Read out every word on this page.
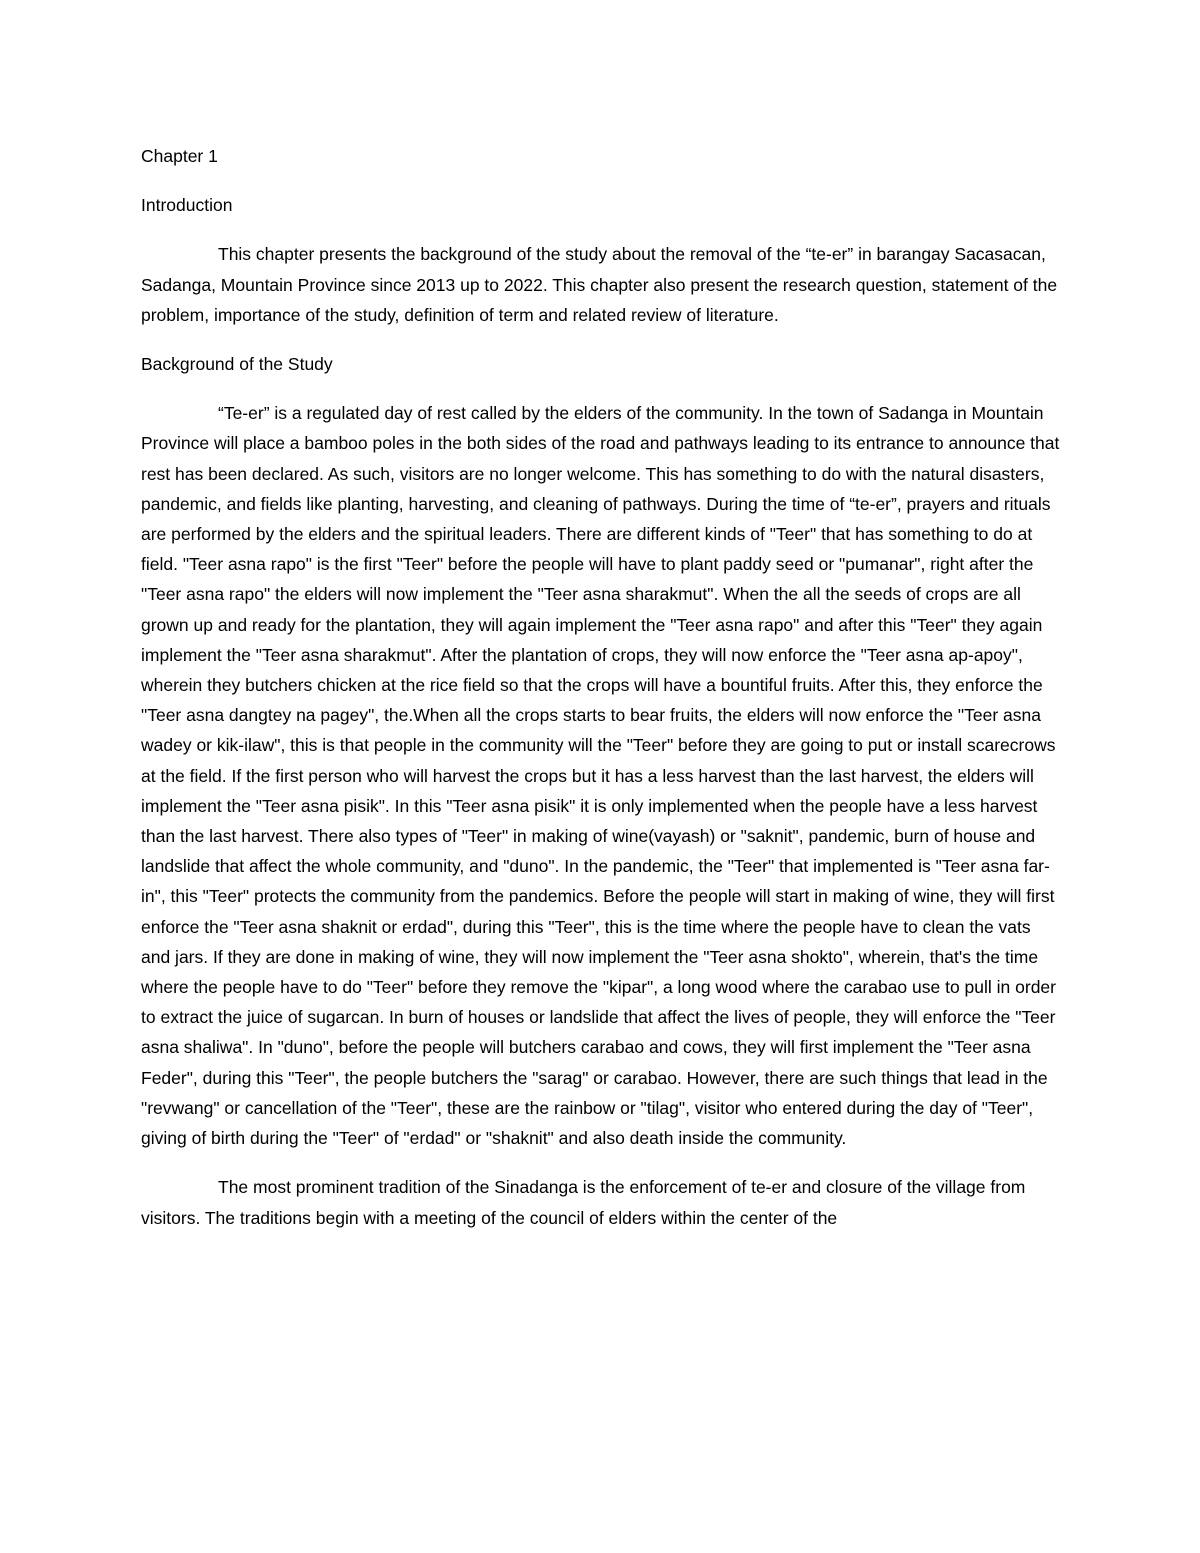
Chapter 1
Introduction

This chapter presents the background of the study about the removal of the “te-er” in barangay Sacasacan, Sadanga, Mountain Province since 2013 up to 2022. This chapter also present the research question, statement of the problem, importance of the study, definition of term and related review of literature.

Background of the Study

“Te-er” is a regulated day of rest called by the elders of the community. In the town of Sadanga in Mountain Province will place a bamboo poles in the both sides of the road and pathways leading to its entrance to announce that rest has been declared. As such, visitors are no longer welcome. This has something to do with the natural disasters, pandemic, and fields like planting, harvesting, and cleaning of pathways. During the time of “te-er”, prayers and rituals are performed by the elders and the spiritual leaders. There are different kinds of "Teer" that has something to do at field. "Teer asna rapo" is the first "Teer" before the people will have to plant paddy seed or "pumanar", right after the "Teer asna rapo" the elders will now implement the "Teer asna sharakmut". When the all the seeds of crops are all grown up and ready for the plantation, they will again implement the "Teer asna rapo" and after this "Teer" they again implement the "Teer asna sharakmut". After the plantation of crops, they will now enforce the "Teer asna ap-apoy", wherein they butchers chicken at the rice field so that the crops will have a bountiful fruits. After this, they enforce the "Teer asna dangtey na pagey", the.When all the crops starts to bear fruits, the elders will now enforce the "Teer asna wadey or kik-ilaw", this is that people in the community will the "Teer" before they are going to put or install scarecrows at the field. If the first person who will harvest the crops but it has a less harvest than the last harvest, the elders will implement the "Teer asna pisik". In this "Teer asna pisik" it is only implemented when the people have a less harvest than the last harvest. There also types of "Teer" in making of wine(vayash) or "saknit", pandemic, burn of house and landslide that affect the whole community, and "duno". In the pandemic, the "Teer" that implemented is "Teer asna far-in", this "Teer" protects the community from the pandemics. Before the people will start in making of wine, they will first enforce the "Teer asna shaknit or erdad", during this "Teer", this is the time where the people have to clean the vats and jars. If they are done in making of wine, they will now implement the "Teer asna shokto", wherein, that's the time where the people have to do "Teer" before they remove the "kipar", a long wood where the carabao use to pull in order to extract the juice of sugarcan. In burn of houses or landslide that affect the lives of people, they will enforce the "Teer asna shaliwa". In "duno", before the people will butchers carabao and cows, they will first implement the "Teer asna Feder", during this "Teer", the people butchers the "sarag" or carabao. However, there are such things that lead in the "revwang" or cancellation of the "Teer", these are the rainbow or "tilag", visitor who entered during the day of "Teer", giving of birth during the "Teer" of "erdad" or "shaknit" and also death inside the community.

The most prominent tradition of the Sinadanga is the enforcement of te-er and closure of the village from visitors. The traditions begin with a meeting of the council of elders within the center of the
